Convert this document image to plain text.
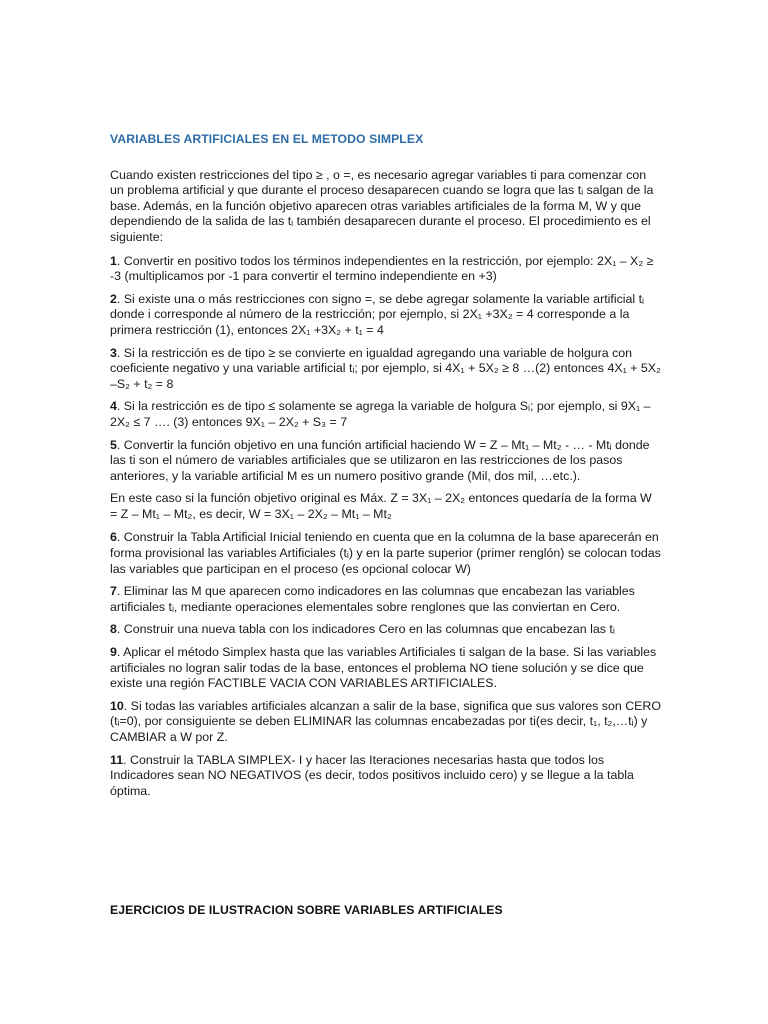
VARIABLES ARTIFICIALES EN EL METODO SIMPLEX

Cuando existen restricciones del tipo ≥ , o =, es necesario agregar variables ti para comenzar con un problema artificial y que durante el proceso desaparecen cuando se logra que las tᵢ salgan de la base. Además, en la función objetivo aparecen otras variables artificiales de la forma M, W y que dependiendo de la salida de las tᵢ también desaparecen durante el proceso. El procedimiento es el siguiente:

1. Convertir en positivo todos los términos independientes en la restricción, por ejemplo: 2X₁ – X₂ ≥ -3 (multiplicamos por -1 para convertir el termino independiente en +3)

2. Si existe una o más restricciones con signo =, se debe agregar solamente la variable artificial tᵢ donde i corresponde al número de la restricción; por ejemplo, si 2X₁ +3X₂ = 4 corresponde a la primera restricción (1), entonces 2X₁ +3X₂ + t₁ = 4

3. Si la restricción es de tipo ≥ se convierte en igualdad agregando una variable de holgura con coeficiente negativo y una variable artificial tᵢ; por ejemplo, si 4X₁ + 5X₂ ≥ 8 …(2) entonces 4X₁ + 5X₂ –S₂ + t₂ = 8

4. Si la restricción es de tipo ≤ solamente se agrega la variable de holgura Sᵢ; por ejemplo, si 9X₁ – 2X₂ ≤ 7 …. (3) entonces 9X₁ – 2X₂ + S₃ = 7

5. Convertir la función objetivo en una función artificial haciendo W = Z – Mt₁ – Mt₂ - … - Mtᵢ donde las ti son el número de variables artificiales que se utilizaron en las restricciones de los pasos anteriores, y la variable artificial M es un numero positivo grande (Mil, dos mil, …etc.).

En este caso si la función objetivo original es Máx. Z = 3X₁ – 2X₂ entonces quedaría de la forma W = Z – Mt₁ – Mt₂, es decir, W = 3X₁ – 2X₂ – Mt₁ – Mt₂

6. Construir la Tabla Artificial Inicial teniendo en cuenta que en la columna de la base aparecerán en forma provisional las variables Artificiales (tᵢ) y en la parte superior (primer renglón) se colocan todas las variables que participan en el proceso (es opcional colocar W)

7. Eliminar las M que aparecen como indicadores en las columnas que encabezan las variables artificiales tᵢ, mediante operaciones elementales sobre renglones que las conviertan en Cero.

8. Construir una nueva tabla con los indicadores Cero en las columnas que encabezan las tᵢ

9. Aplicar el método Simplex hasta que las variables Artificiales ti salgan de la base. Si las variables artificiales no logran salir todas de la base, entonces el problema NO tiene solución y se dice que existe una región FACTIBLE VACIA CON VARIABLES ARTIFICIALES.

10. Si todas las variables artificiales alcanzan a salir de la base, significa que sus valores son CERO (tᵢ=0), por consiguiente se deben ELIMINAR las columnas encabezadas por ti(es decir, t₁, t₂,…tᵢ) y CAMBIAR a W por Z.

11. Construir la TABLA SIMPLEX- I y hacer las Iteraciones necesarias hasta que todos los Indicadores sean NO NEGATIVOS (es decir, todos positivos incluido cero) y se llegue a la tabla óptima.

EJERCICIOS DE ILUSTRACION SOBRE VARIABLES ARTIFICIALES
